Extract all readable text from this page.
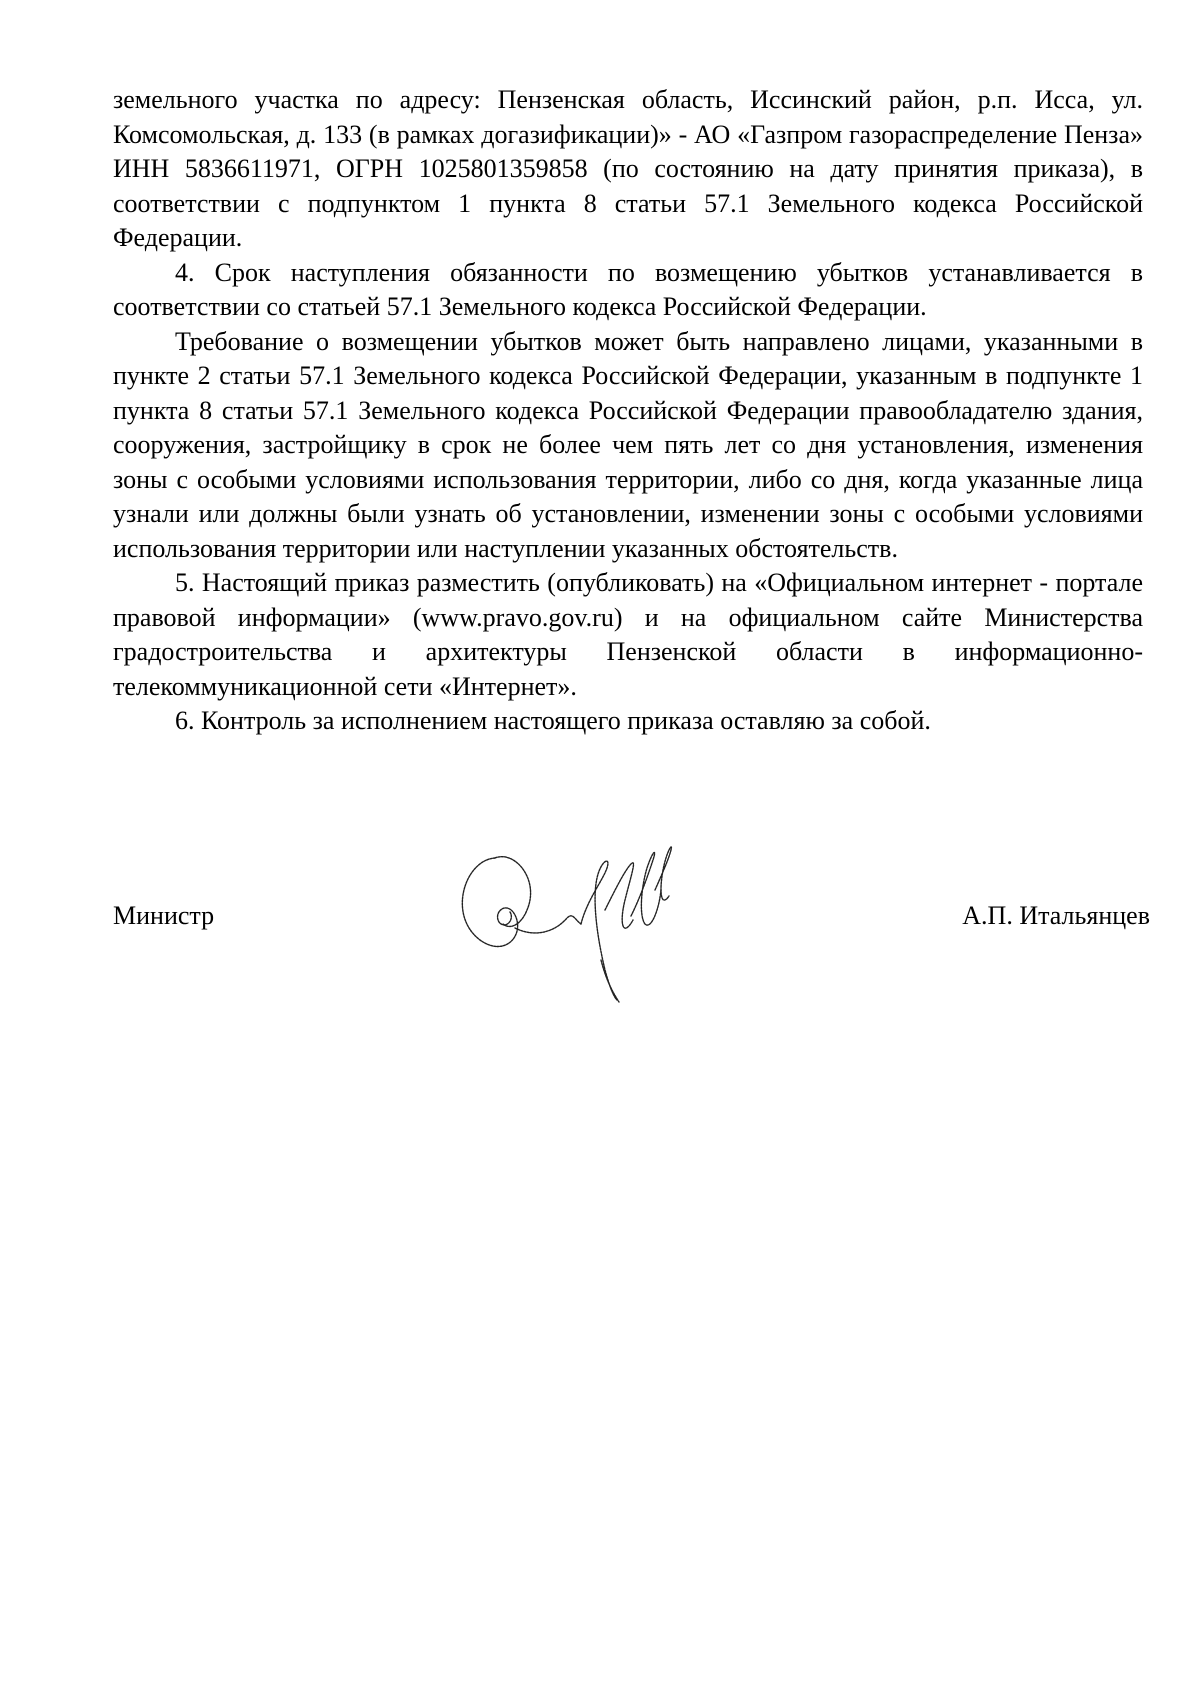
земельного участка по адресу: Пензенская область, Иссинский район, р.п. Исса, ул. Комсомольская, д. 133 (в рамках догазификации)» - АО «Газпром газораспределение Пенза» ИНН 5836611971, ОГРН 1025801359858 (по состоянию на дату принятия приказа), в соответствии с подпунктом 1 пункта 8 статьи 57.1 Земельного кодекса Российской Федерации.

4. Срок наступления обязанности по возмещению убытков устанавливается в соответствии со статьей 57.1 Земельного кодекса Российской Федерации.

Требование о возмещении убытков может быть направлено лицами, указанными в пункте 2 статьи 57.1 Земельного кодекса Российской Федерации, указанным в подпункте 1 пункта 8 статьи 57.1 Земельного кодекса Российской Федерации правообладателю здания, сооружения, застройщику в срок не более чем пять лет со дня установления, изменения зоны с особыми условиями использования территории, либо со дня, когда указанные лица узнали или должны были узнать об установлении, изменении зоны с особыми условиями использования территории или наступлении указанных обстоятельств.

5. Настоящий приказ разместить (опубликовать) на «Официальном интернет - портале правовой информации» (www.pravo.gov.ru) и на официальном сайте Министерства градостроительства и архитектуры Пензенской области в информационно-телекоммуникационной сети «Интернет».

6. Контроль за исполнением настоящего приказа оставляю за собой.

Министр	А.П. Итальянцев
